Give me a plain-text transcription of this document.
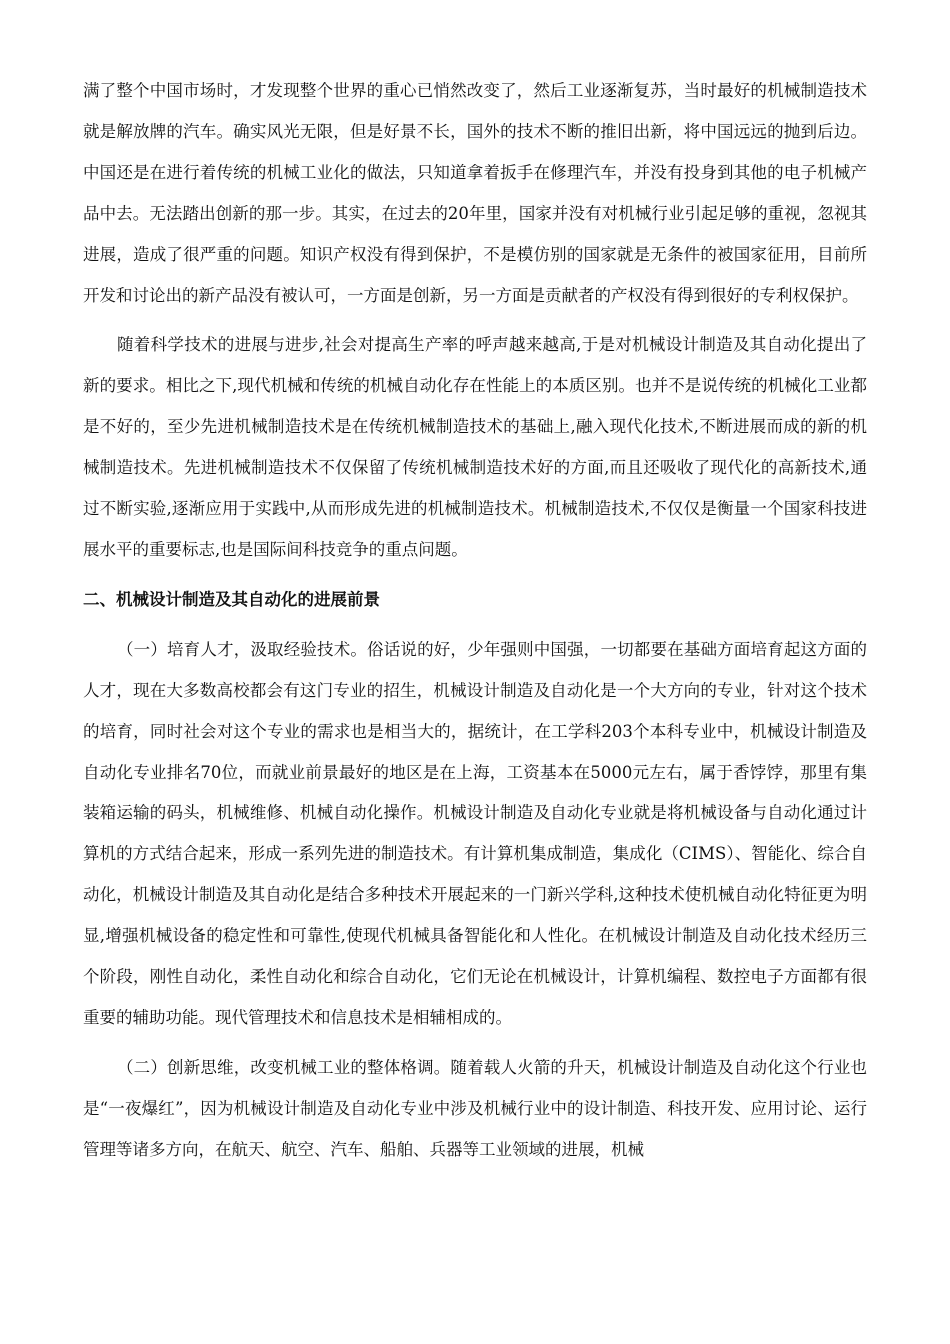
满了整个中国市场时，才发现整个世界的重心已悄然改变了，然后工业逐渐复苏，当时最好的机械制造技术就是解放牌的汽车。确实风光无限，但是好景不长，国外的技术不断的推旧出新，将中国远远的抛到后边。中国还是在进行着传统的机械工业化的做法，只知道拿着扳手在修理汽车，并没有投身到其他的电子机械产品中去。无法踏出创新的那一步。其实，在过去的20年里，国家并没有对机械行业引起足够的重视，忽视其进展，造成了很严重的问题。知识产权没有得到保护，不是模仿别的国家就是无条件的被国家征用，目前所开发和讨论出的新产品没有被认可，一方面是创新，另一方面是贡献者的产权没有得到很好的专利权保护。

随着科学技术的进展与进步,社会对提高生产率的呼声越来越高,于是对机械设计制造及其自动化提出了新的要求。相比之下,现代机械和传统的机械自动化存在性能上的本质区别。也并不是说传统的机械化工业都是不好的，至少先进机械制造技术是在传统机械制造技术的基础上,融入现代化技术,不断进展而成的新的机械制造技术。先进机械制造技术不仅保留了传统机械制造技术好的方面,而且还吸收了现代化的高新技术,通过不断实验,逐渐应用于实践中,从而形成先进的机械制造技术。机械制造技术,不仅仅是衡量一个国家科技进展水平的重要标志,也是国际间科技竞争的重点问题。

二、机械设计制造及其自动化的进展前景

（一）培育人才，汲取经验技术。俗话说的好，少年强则中国强，一切都要在基础方面培育起这方面的人才，现在大多数高校都会有这门专业的招生，机械设计制造及自动化是一个大方向的专业，针对这个技术的培育，同时社会对这个专业的需求也是相当大的，据统计，在工学科203个本科专业中，机械设计制造及自动化专业排名70位，而就业前景最好的地区是在上海，工资基本在5000元左右，属于香饽饽，那里有集装箱运输的码头，机械维修、机械自动化操作。机械设计制造及自动化专业就是将机械设备与自动化通过计算机的方式结合起来，形成一系列先进的制造技术。有计算机集成制造，集成化（CIMS）、智能化、综合自动化，机械设计制造及其自动化是结合多种技术开展起来的一门新兴学科,这种技术使机械自动化特征更为明显,增强机械设备的稳定性和可靠性,使现代机械具备智能化和人性化。在机械设计制造及自动化技术经历三个阶段，刚性自动化，柔性自动化和综合自动化，它们无论在机械设计，计算机编程、数控电子方面都有很重要的辅助功能。现代管理技术和信息技术是相辅相成的。

（二）创新思维，改变机械工业的整体格调。随着载人火箭的升天，机械设计制造及自动化这个行业也是“一夜爆红”，因为机械设计制造及自动化专业中涉及机械行业中的设计制造、科技开发、应用讨论、运行管理等诸多方向，在航天、航空、汽车、船舶、兵器等工业领域的进展，机械
